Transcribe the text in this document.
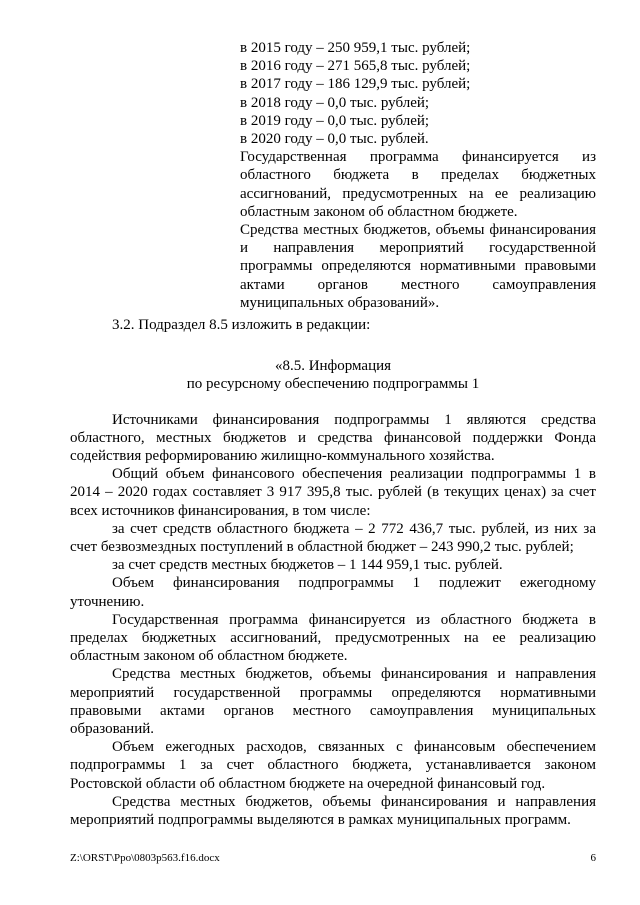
в 2015 году – 250 959,1 тыс. рублей;

в 2016 году – 271 565,8 тыс. рублей;

в 2017 году – 186 129,9 тыс. рублей;

в 2018 году – 0,0 тыс. рублей;

в 2019 году – 0,0 тыс. рублей;

в 2020 году – 0,0 тыс. рублей.

Государственная программа финансируется из областного бюджета в пределах бюджетных ассигнований, предусмотренных на ее реализацию областным законом об областном бюджете.

Средства местных бюджетов, объемы финансирования и направления мероприятий государственной программы определяются нормативными правовыми актами органов местного самоуправления муниципальных образований».

3.2. Подраздел 8.5 изложить в редакции:

«8.5. Информация
по ресурсному обеспечению подпрограммы 1

Источниками финансирования подпрограммы 1 являются средства областного, местных бюджетов и средства финансовой поддержки Фонда содействия реформированию жилищно-коммунального хозяйства.

Общий объем финансового обеспечения реализации подпрограммы 1 в 2014 – 2020 годах составляет 3 917 395,8 тыс. рублей (в текущих ценах) за счет всех источников финансирования, в том числе:

за счет средств областного бюджета – 2 772 436,7 тыс. рублей, из них за счет безвозмездных поступлений в областной бюджет – 243 990,2 тыс. рублей;

за счет средств местных бюджетов – 1 144 959,1 тыс. рублей.

Объем финансирования подпрограммы 1 подлежит ежегодному уточнению.

Государственная программа финансируется из областного бюджета в пределах бюджетных ассигнований, предусмотренных на ее реализацию областным законом об областном бюджете.

Средства местных бюджетов, объемы финансирования и направления мероприятий государственной программы определяются нормативными правовыми актами органов местного самоуправления муниципальных образований.

Объем ежегодных расходов, связанных с финансовым обеспечением подпрограммы 1 за счет областного бюджета, устанавливается законом Ростовской области об областном бюджете на очередной финансовый год.

Средства местных бюджетов, объемы финансирования и направления мероприятий подпрограммы выделяются в рамках муниципальных программ.

Z:\ORST\Ppo\0803p563.f16.docx	6
